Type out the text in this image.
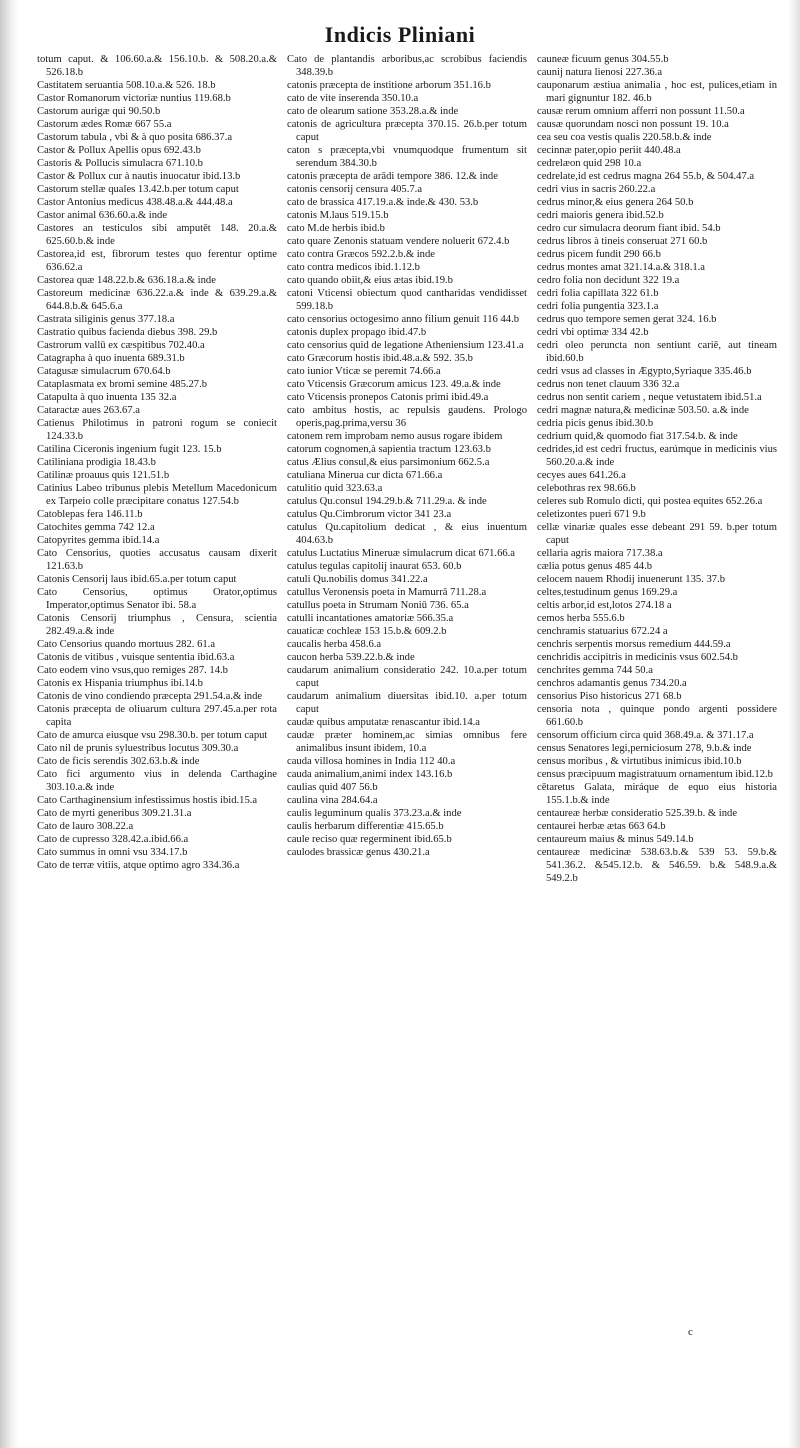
Indicis Pliniani

totum caput. & 106.60.a.& 156.10.b. & 508.20.a.& 526.18.b

Castitatem seruantia 508.10.a.& 526. 18.b

Castor Romanorum victoriæ nuntius 119.68.b

Castorum aurigæ qui 90.50.b

Castorum ædes Romæ 667 55.a

Castorum tabula , vbi & à quo posita 686.37.a

Castor & Pollux Apellis opus 692.43.b

Castoris & Pollucis simulacra 671.10.b

Castor & Pollux cur à nautis inuocatur ibid.13.b

Castorum stellæ quales 13.42.b.per totum caput

Castor Antonius medicus 438.48.a.& 444.48.a

Castor animal 636.60.a.& inde

Castores an testiculos sibi amputēt 148. 20.a.& 625.60.b.& inde

Castorea,id est, fibrorum testes quo ferentur optime 636.62.a

Castorea quæ 148.22.b.& 636.18.a.& inde

Castoreum medicinæ 636.22.a.& inde & 639.29.a.& 644.8.b.& 645.6.a

Castrata siliginis genus 377.18.a

Castratio quibus facienda diebus 398. 29.b

Castrorum vallū ex cæspitibus 702.40.a

Catagrapha à quo inuenta 689.31.b

Catagusæ simulacrum 670.64.b

Cataplasmata ex bromi semine 485.27.b

Catapulta à quo inuenta 135 32.a

Cataractæ aues 263.67.a

Catienus Philotimus in patroni rogum se coniecit 124.33.b

Catilina Ciceronis ingenium fugit 123. 15.b

Catiliniana prodigia 18.43.b

Catilinæ proauus quis 121.51.b

Catinius Labeo tribunus plebis Metellum Macedonicum ex Tarpeio colle præcipitare conatus 127.54.b

Catoblepas fera 146.11.b

Catochites gemma 742 12.a

Catopyrites gemma ibid.14.a

Cato Censorius, quoties accusatus causam dixerit 121.63.b

Catonis Censorij laus ibid.65.a.per totum caput

Cato Censorius, optimus Orator,optimus Imperator,optimus Senator ibi. 58.a

Catonis Censorij triumphus , Censura, scientia 282.49.a.& inde

Cato Censorius quando mortuus 282. 61.a

Catonis de vitibus , vuisque sententia ibid.63.a

Cato eodem vino vsus,quo remiges 287. 14.b

Catonis ex Hispania triumphus ibi.14.b

Catonis de vino condiendo præcepta 291.54.a.& inde

Catonis præcepta de oliuarum cultura 297.45.a.per rota capita

Cato de amurca eiusque vsu 298.30.b. per totum caput

Cato nil de prunis syluestribus locutus 309.30.a

Cato de ficis serendis 302.63.b.& inde

Cato fici argumento vius in delenda Carthagine 303.10.a.& inde

Cato Carthaginensium infestissimus hostis ibid.15.a

Cato de myrti generibus 309.21.31.a

Cato de lauro 308.22.a

Cato de cupresso 328.42.a.ibid.66.a

Cato summus in omni vsu 334.17.b

Cato de terræ vitiis, atque optimo agro 334.36.a

Cato de plantandis arboribus,ac scrobibus faciendis 348.39.b

catonis præcepta de institione arborum 351.16.b

cato de vite inserenda 350.10.a

cato de olearum satione 353.28.a.& inde

catonis de agricultura præcepta 370.15. 26.b.per totum caput

caton s præcepta,vbi vnumquodque frumentum sit serendum 384.30.b

catonis præcepta de arādi tempore 386. 12.& inde

catonis censorij censura 405.7.a

cato de brassica 417.19.a.& inde.& 430. 53.b

catonis M.laus 519.15.b

cato M.de herbis ibid.b

cato quare Zenonis statuam vendere noluerit 672.4.b

cato contra Græcos 592.2.b.& inde

cato contra medicos ibid.1.12.b

cato quando obiit,& eius ætas ibid.19.b

catoni Vticensi obiectum quod cantharidas vendidisset 599.18.b

cato censorius octogesimo anno filium genuit 116 44.b

catonis duplex propago ibid.47.b

cato censorius quid de legatione Atheniensium 123.41.a

cato Græcorum hostis ibid.48.a.& 592. 35.b

cato iunior Vticæ se peremit 74.66.a

cato Vticensis Græcorum amicus 123. 49.a.& inde

cato Vticensis pronepos Catonis primi ibid.49.a

cato ambitus hostis, ac repulsis gaudens. Prologo operis,pag.prima,versu 36

catonem rem improbam nemo ausus rogare ibidem

catorum cognomen,à sapientia tractum 123.63.b

catus Ælius consul,& eius parsimonium 662.5.a

catuliana Minerua cur dicta 671.66.a

catulitio quid 323.63.a

catulus Qu.consul 194.29.b.& 711.29.a. & inde

catulus Qu.Cimbrorum victor 341 23.a

catulus Qu.capitolium dedicat , & eius inuentum 404.63.b

catulus Luctatius Mineruæ simulacrum dicat 671.66.a

catulus tegulas capitolij inaurat 653. 60.b

catuli Qu.nobilis domus 341.22.a

catullus Veronensis poeta in Mamurrā 711.28.a

catullus poeta in Strumam Noniū 736. 65.a

catulli incantationes amatoriæ 566.35.a

cauaticæ cochleæ 153 15.b.& 609.2.b

caucalis herba 458.6.a

caucon herba 539.22.b.& inde

caudarum animalium consideratio 242. 10.a.per totum caput

caudarum animalium diuersitas ibid.10. a.per totum caput

caudæ quibus amputatæ renascantur ibid.14.a

caudæ præter hominem,ac simias omnibus fere animalibus insunt ibidem, 10.a

cauda villosa homines in India 112 40.a

cauda animalium,animi index 143.16.b

caulias quid 407 56.b

caulina vina 284.64.a

caulis leguminum qualis 373.23.a.& inde

caulis herbarum differentiæ 415.65.b

caule reciso quæ regerminent ibid.65.b

caulodes brassicæ genus 430.21.a

cauneæ ficuum genus 304.55.b

caunij natura lienosi 227.36.a

cauponarum æstiua animalia , hoc est, pulices,etiam in mari gignuntur 182. 46.b

causæ rerum omnium afferri non possunt 11.50.a

causæ quorundam nosci non possunt 19. 10.a

cea seu coa vestis qualis 220.58.b.& inde

cecinnæ pater,opio periit 440.48.a

cedrelæon quid 298 10.a

cedrelate,id est cedrus magna 264 55.b, & 504.47.a

cedri vius in sacris 260.22.a

cedrus minor,& eius genera 264 50.b

cedri maioris genera ibid.52.b

cedro cur simulacra deorum fiant ibid. 54.b

cedrus libros à tineis conseruat 271 60.b

cedrus picem fundit 290 66.b

cedrus montes amat 321.14.a.& 318.1.a

cedro folia non decidunt 322 19.a

cedri folia capillata 322 61.b

cedri folia pungentia 323.1.a

cedrus quo tempore semen gerat 324. 16.b

cedri vbi optimæ 334 42.b

cedri oleo peruncta non sentiunt cariē, aut tineam ibid.60.b

cedri vsus ad classes in Ægypto,Syriaque 335.46.b

cedrus non tenet clauum 336 32.a

cedrus non sentit cariem , neque vetustatem ibid.51.a

cedri magnæ natura,& medicinæ 503.50. a.& inde

cedria picis genus ibid.30.b

cedrium quid,& quomodo fiat 317.54.b. & inde

cedrides,id est cedri fructus, earúmque in medicinis vius 560.20.a.& inde

cecyes aues 641.26.a

celebothras rex 98.66.b

celeres sub Romulo dicti, qui postea equites 652.26.a

celetizontes pueri 671 9.b

cellæ vinariæ quales esse debeant 291 59. b.per totum caput

cellaria agris maiora 717.38.a

cælia potus genus 485 44.b

celocem nauem Rhodij inuenerunt 135. 37.b

celtes,testudinum genus 169.29.a

celtis arbor,id est,lotos 274.18 a

cemos herba 555.6.b

cenchramis statuarius 672.24 a

cenchris serpentis morsus remedium 444.59.a

cenchridis accipitris in medicinis vsus 602.54.b

cenchrites gemma 744 50.a

cenchros adamantis genus 734.20.a

censorius Piso historicus 271 68.b

censoria nota , quinque pondo argenti possidere 661.60.b

censorum officium circa quid 368.49.a. & 371.17.a

census Senatores legi,perniciosum 278, 9.b.& inde

census moribus , & virtutibus inimicus ibid.10.b

census præcipuum magistratuum ornamentum ibid.12.b

cētaretus Galata, miráque de equo eius historia 155.1.b.& inde

centaureæ herbæ consideratio 525.39.b. & inde

centaurei herbæ ætas 663 64.b

centaureum maius & minus 549.14.b

centaureæ medicinæ 538.63.b.& 539 53. 59.b.& 541.36.2. &545.12.b. & 546.59. b.& 548.9.a.& 549.2.b

c
